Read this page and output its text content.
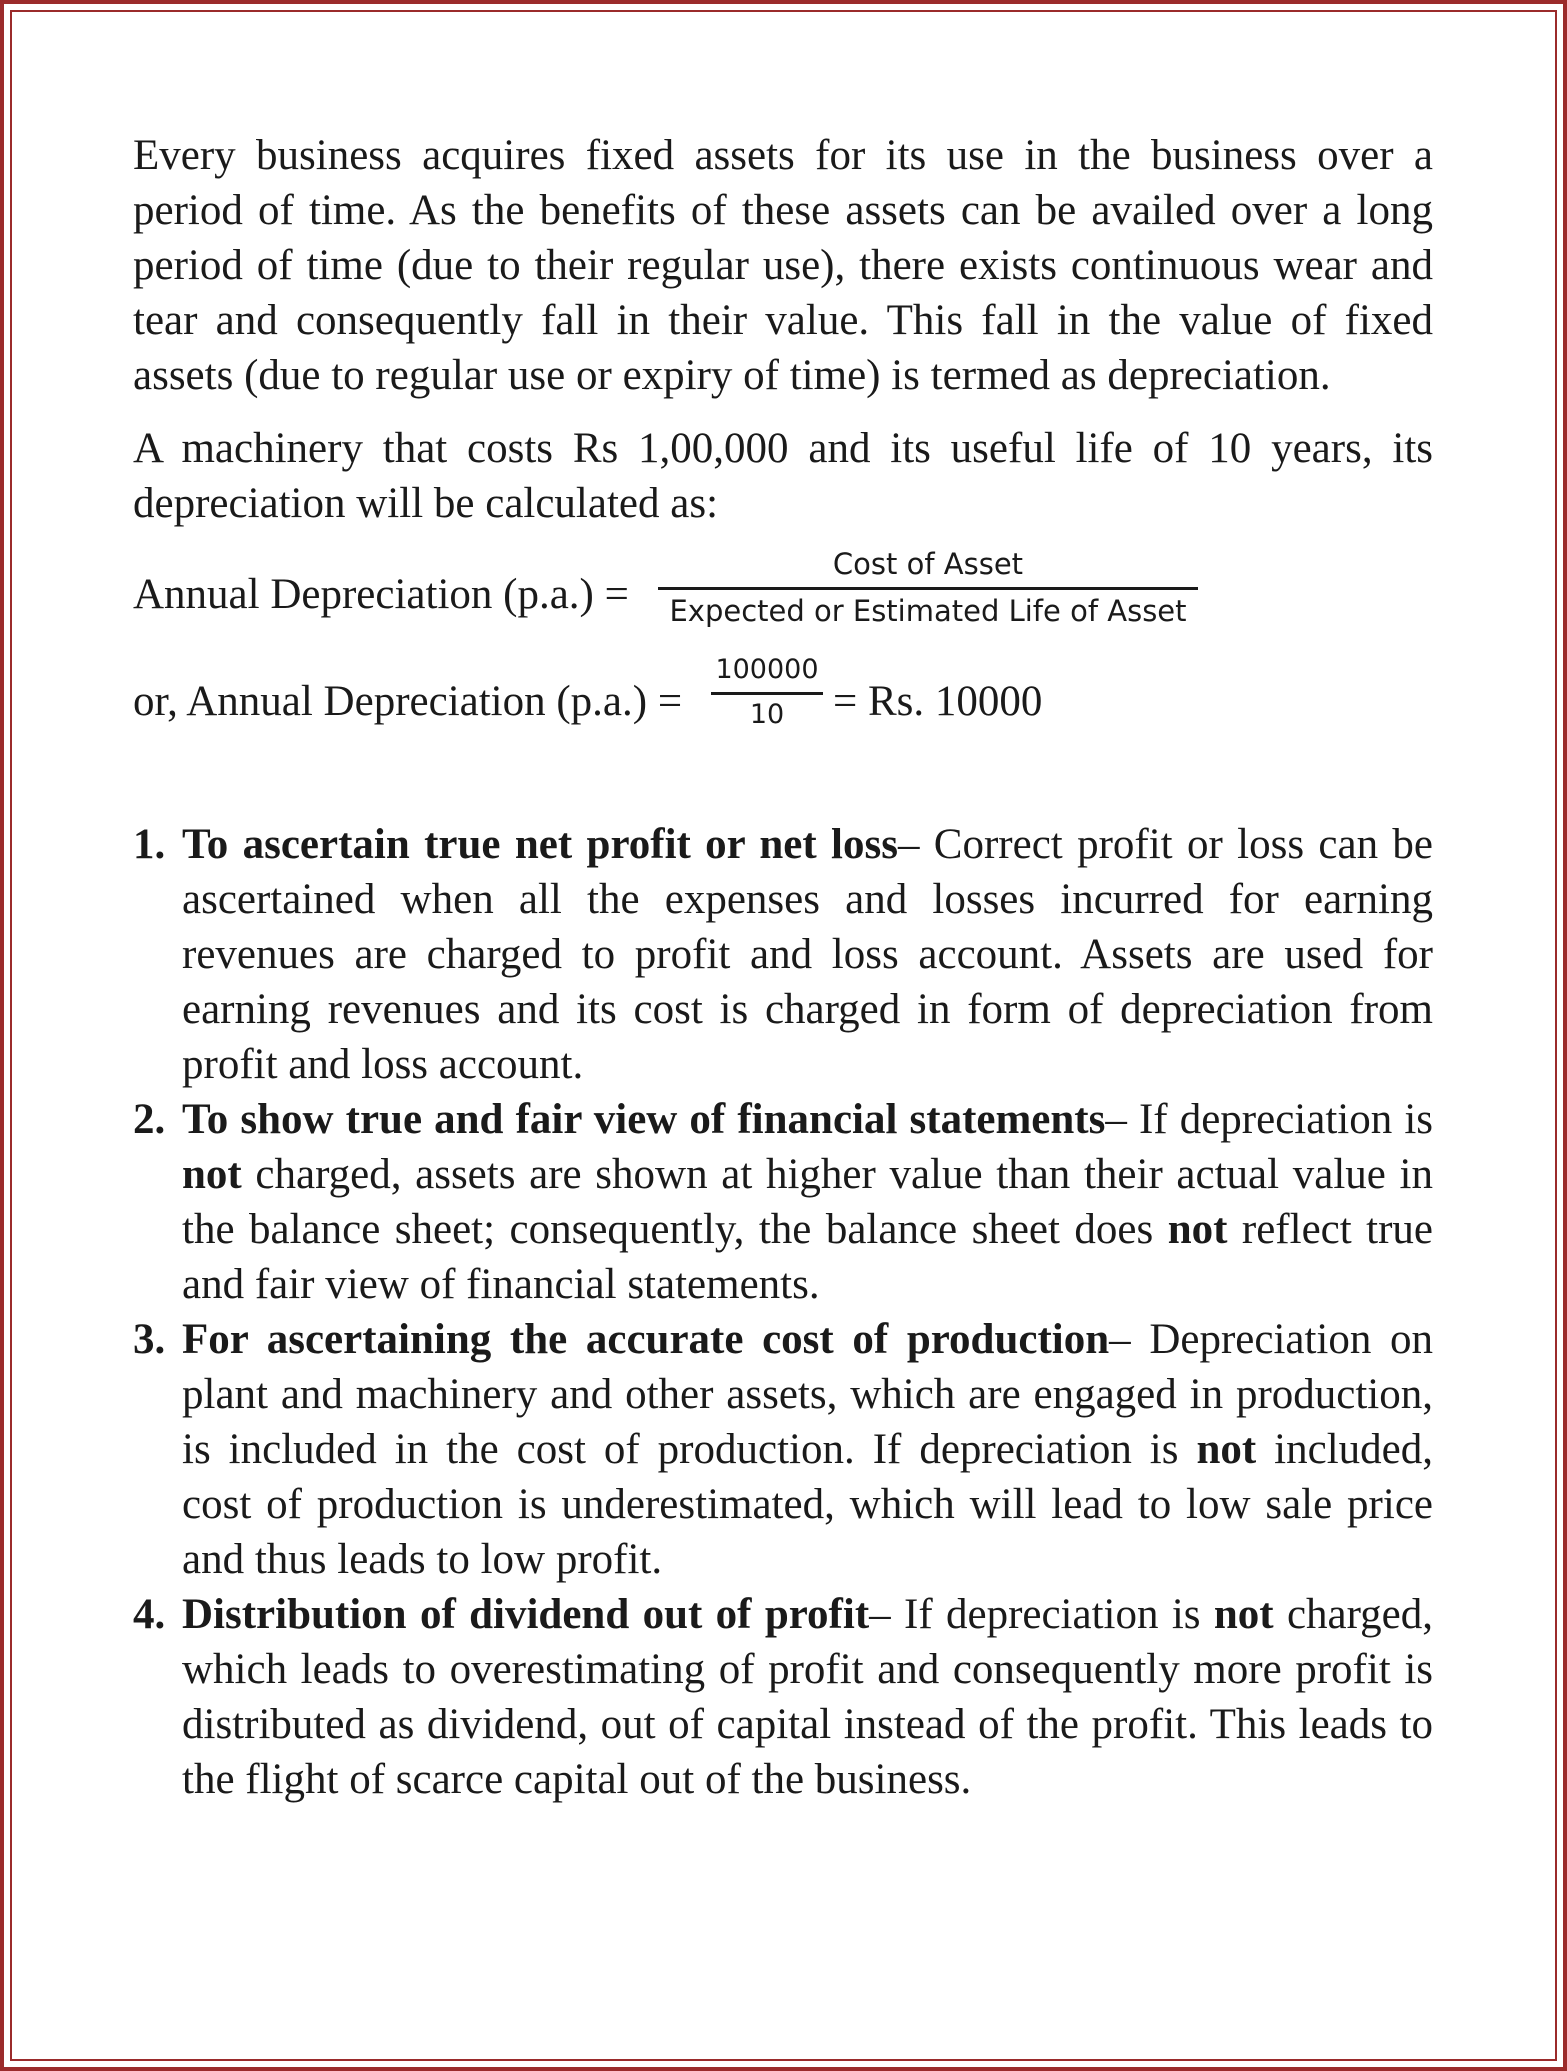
Every business acquires fixed assets for its use in the business over a period of time. As the benefits of these assets can be availed over a long period of time (due to their regular use), there exists continuous wear and tear and consequently fall in their value. This fall in the value of fixed assets (due to regular use or expiry of time) is termed as depreciation.

A machinery that costs Rs 1,00,000 and its useful life of 10 years, its depreciation will be calculated as:

Annual Depreciation (p.a.) =
Cost of Asset
Expected or Estimated Life of Asset
or, Annual Depreciation (p.a.) =
100000
10	= Rs. 10000
1. To ascertain true net profit or net loss– Correct profit or loss can be ascertained when all the expenses and losses incurred for earning revenues are charged to profit and loss account. Assets are used for earning revenues and its cost is charged in form of depreciation from profit and loss account.
2. To show true and fair view of financial statements– If depreciation is not charged, assets are shown at higher value than their actual value in the balance sheet; consequently, the balance sheet does not reflect true and fair view of financial statements.
3. For ascertaining the accurate cost of production– Depreciation on plant and machinery and other assets, which are engaged in production, is included in the cost of production. If depreciation is not included, cost of production is underestimated, which will lead to low sale price and thus leads to low profit.
4. Distribution of dividend out of profit– If depreciation is not charged, which leads to overestimating of profit and consequently more profit is distributed as dividend, out of capital instead of the profit. This leads to the flight of scarce capital out of the business.
